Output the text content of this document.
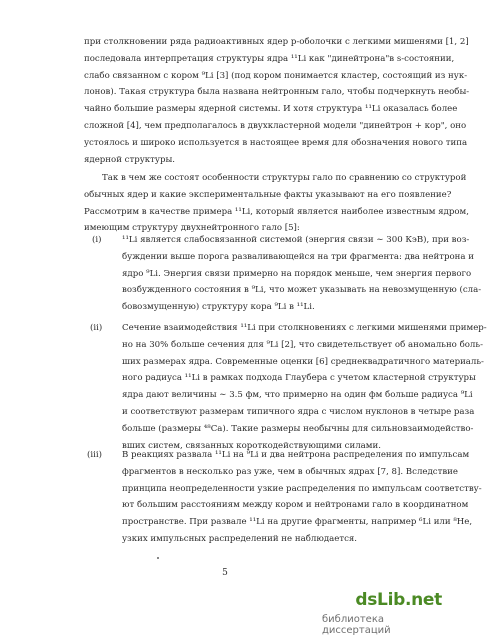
при столкновении ряда радиоактивных ядер p-оболочки с легкими мишенями [1, 2]
последовала интерпретация структуры ядра ¹¹Li как "динейтрона"в s-состоянии,
слабо связанном с кором ⁹Li [3] (под кором понимается кластер, состоящий из нук-
лонов). Такая структура была названа нейтронным гало, чтобы подчеркнуть необы-
чайно большие размеры ядерной системы. И хотя структура ¹¹Li оказалась более
сложной [4], чем предполагалось в двухкластерной модели "динейтрон + кор", оно
устоялось и широко используется в настоящее время для обозначения нового типа
ядерной структуры.

Так в чем же состоят особенности структуры гало по сравнению со структурой
обычных ядер и какие экспериментальные факты указывают на его появление?
Рассмотрим в качестве примера ¹¹Li, который является наиболее известным ядром,
имеющим структуру двухнейтронного гало [5]:

(i) ¹¹Li является слабосвязанной системой (энергия связи ∼ 300 КэВ), при воз-
буждении выше порога разваливающейся на три фрагмента: два нейтрона и
ядро ⁹Li. Энергия связи примерно на порядок меньше, чем энергия первого
возбужденного состояния в ⁹Li, что может указывать на невозмущенную (сла-
бовозмущенную) структуру кора ⁹Li в ¹¹Li.
(ii) Сечение взаимодействия ¹¹Li при столкновениях с легкими мишенями пример-
но на 30% больше сечения для ⁹Li [2], что свидетельствует об аномально боль-
ших размерах ядра. Современные оценки [6] среднеквадратичного материаль-
ного радиуса ¹¹Li в рамках подхода Глаубера с учетом кластерной структуры
ядра дают величины ∼ 3.5 фм, что примерно на один фм больше радиуса ⁹Li
и соответствуют размерам типичного ядра с числом нуклонов в четыре раза
больше (размеры ⁴⁸Ca). Такие размеры необычны для сильновзаимодейство-
вших систем, связанных короткодействующими силами.
(iii) В реакциях развала ¹¹Li на ⁹Li и два нейтрона распределения по импульсам
фрагментов в несколько раз уже, чем в обычных ядрах [7, 8]. Вследствие
принципа неопределенности узкие распределения по импульсам соответству-
ют большим расстояниям между кором и нейтронами гало в координатном
пространстве. При развале ¹¹Li на другие фрагменты, например ⁶Li или ⁸He,
узких импульсных распределений не наблюдается.
5
dsLib.net
библиотека диссертаций
